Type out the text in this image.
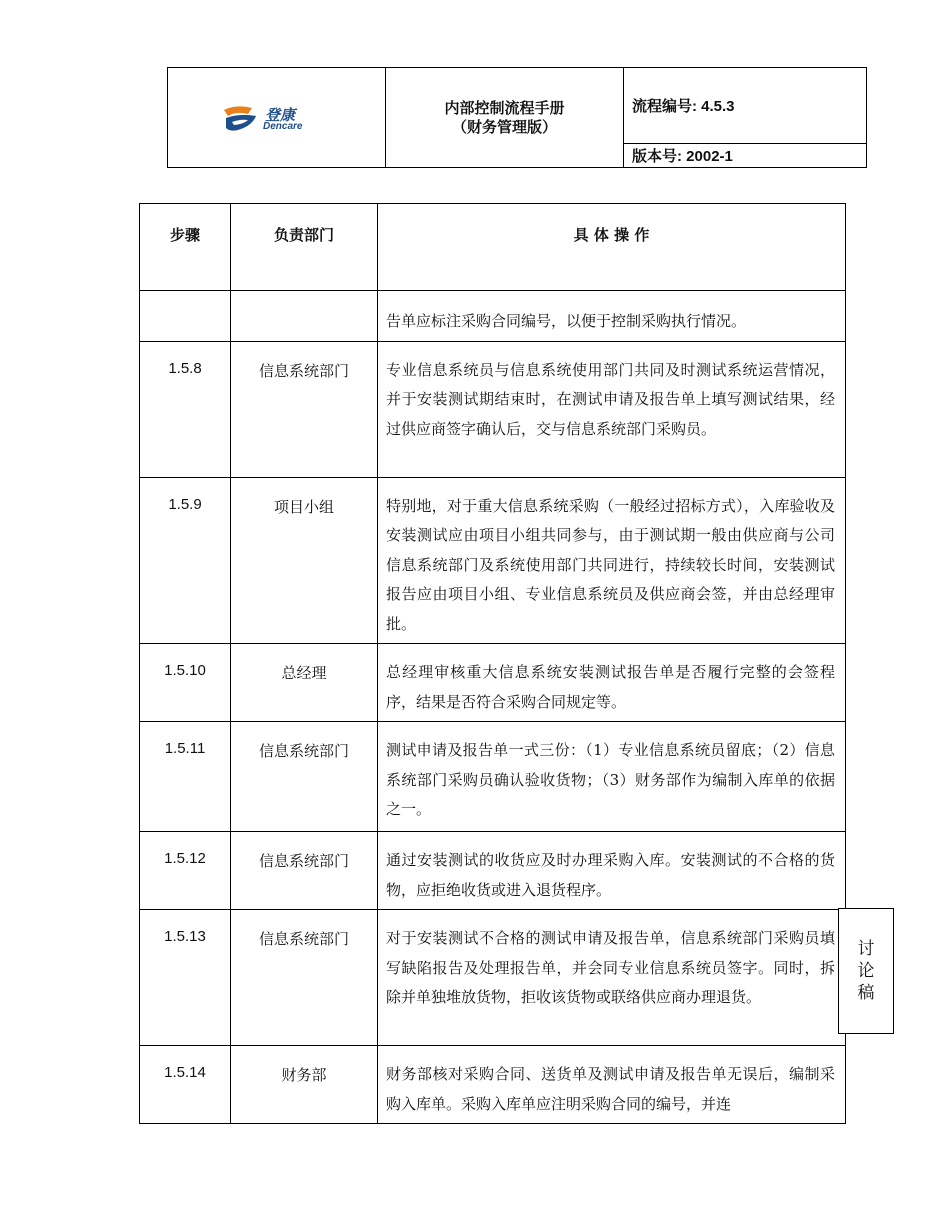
登康
Dencare

内部控制流程手册
（财务管理版）
	流程编号: 4.5.3
版本号: 2002-1
步骤	负责部门	具 体 操 作
		告单应标注采购合同编号，以便于控制采购执行情况。
1.5.8	信息系统部门	专业信息系统员与信息系统使用部门共同及时测试系统运营情况，并于安装测试期结束时，在测试申请及报告单上填写测试结果，经过供应商签字确认后，交与信息系统部门采购员。
1.5.9	项目小组	特别地，对于重大信息系统采购（一般经过招标方式），入库验收及安装测试应由项目小组共同参与，由于测试期一般由供应商与公司信息系统部门及系统使用部门共同进行，持续较长时间，安装测试报告应由项目小组、专业信息系统员及供应商会签，并由总经理审批。
1.5.10	总经理	总经理审核重大信息系统安装测试报告单是否履行完整的会签程序，结果是否符合采购合同规定等。
1.5.11	信息系统部门	测试申请及报告单一式三份：（1）专业信息系统员留底；（2）信息系统部门采购员确认验收货物；（3）财务部作为编制入库单的依据之一。
1.5.12	信息系统部门	通过安装测试的收货应及时办理采购入库。安装测试的不合格的货物，应拒绝收货或进入退货程序。
1.5.13	信息系统部门	对于安装测试不合格的测试申请及报告单，信息系统部门采购员填写缺陷报告及处理报告单，并会同专业信息系统员签字。同时，拆除并单独堆放货物，拒收该货物或联络供应商办理退货。
1.5.14	财务部	财务部核对采购合同、送货单及测试申请及报告单无误后，编制采购入库单。采购入库单应注明采购合同的编号，并连
讨
论
稿
